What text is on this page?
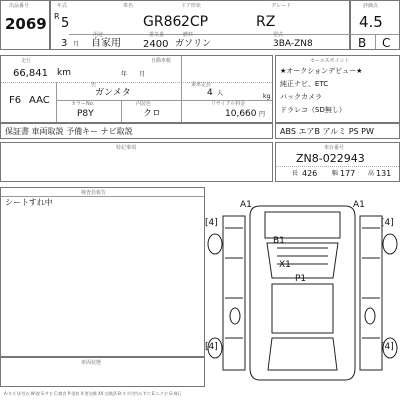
出品番号
2069
年式	車名	ドア形状	グレード
R 5	GR86 2CP	RZ
3 月
用途
自家用
排気量
2400
燃料
ガソリン
型式
3BA-ZN8
評価点
4.5
B C
走行	自動車税
66,841 km	年　　月
色	乗車定員
F6 AAC
ガンメタ	4 人	kg
カラーNo.	内装色	リサイクル料金
P8Y	クロ	10,660 円
セールスポイント
★オークションデビュー★
純正ナビ、ETC
バックカメラ
ドラレコ（SD無し）
保証書 車両取説 予備キー ナビ取説	ABS エアB アルミ PS PW
特記事項	車台番号
ZN8-022943
長 426 幅 177 高 131
検査員報告
シートすれ中
車両状態
A:キズ U:凹み W:波 S:サビ C:腐食 P:塗装 X:要交換 XX:交換済 B:キズ付凹み Y:穴 E:エクボ G:飛石
A1	A1
B1
X1
P1
[4]	[4]
[4]	[4]
